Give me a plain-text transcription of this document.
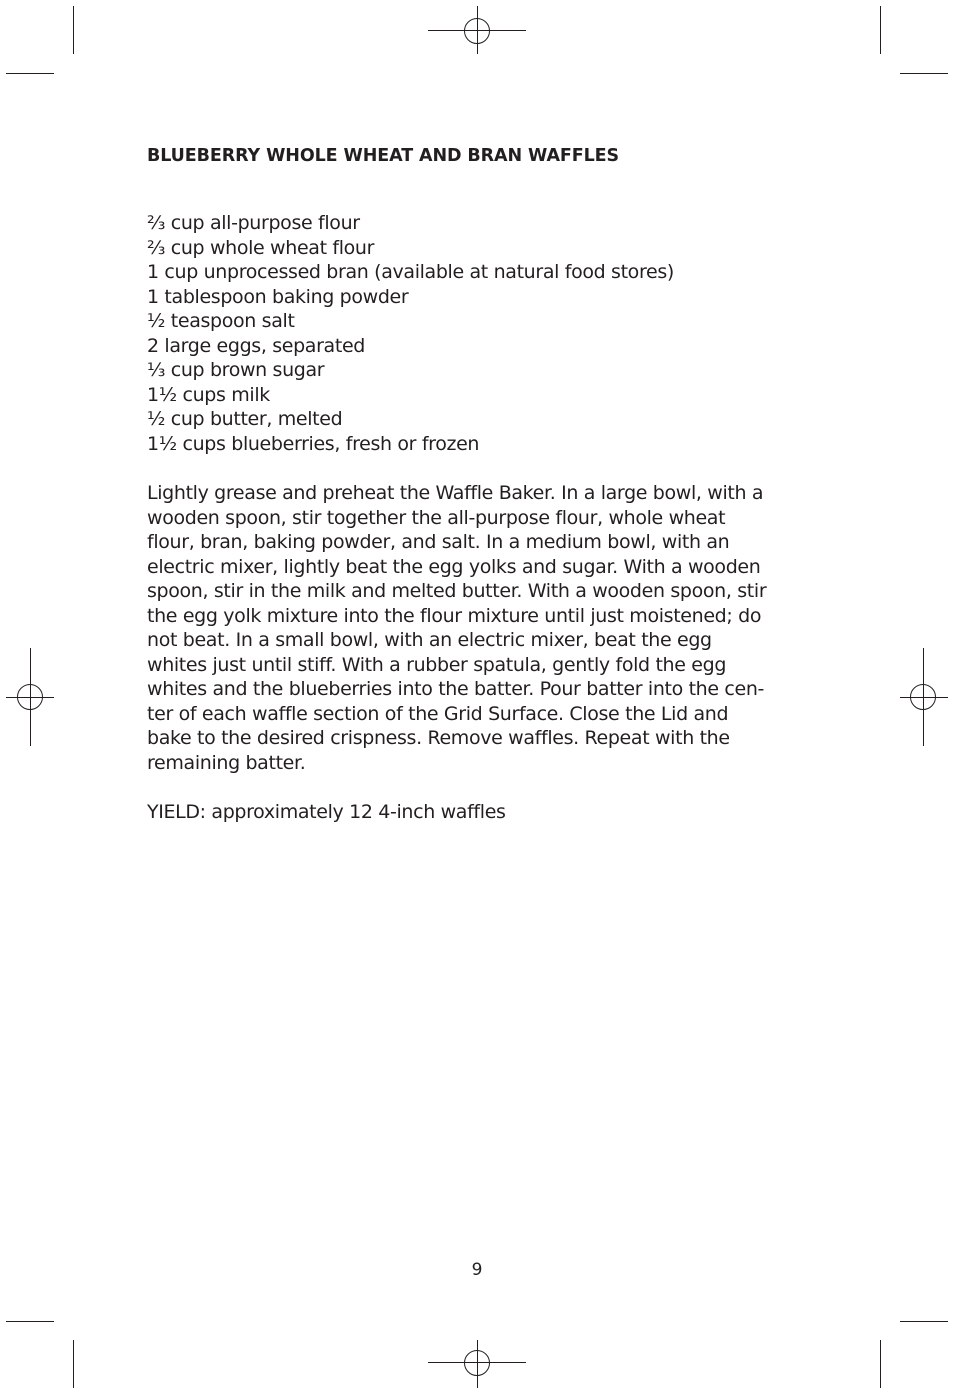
BLUEBERRY WHOLE WHEAT AND BRAN WAFFLES
⅔ cup all-purpose flour
⅔ cup whole wheat flour
1 cup unprocessed bran (available at natural food stores)
1 tablespoon baking powder
½ teaspoon salt
2 large eggs, separated
⅓ cup brown sugar
1½ cups milk
½ cup butter, melted
1½ cups blueberries, fresh or frozen

Lightly grease and preheat the Waffle Baker. In a large bowl, with a
wooden spoon, stir together the all-purpose flour, whole wheat
flour, bran, baking powder, and salt. In a medium bowl, with an
electric mixer, lightly beat the egg yolks and sugar. With a wooden
spoon, stir in the milk and melted butter. With a wooden spoon, stir
the egg yolk mixture into the flour mixture until just moistened; do
not beat. In a small bowl, with an electric mixer, beat the egg
whites just until stiff. With a rubber spatula, gently fold the egg
whites and the blueberries into the batter. Pour batter into the cen-
ter of each waffle section of the Grid Surface. Close the Lid and
bake to the desired crispness. Remove waffles. Repeat with the
remaining batter.

YIELD: approximately 12 4-inch waffles

9
